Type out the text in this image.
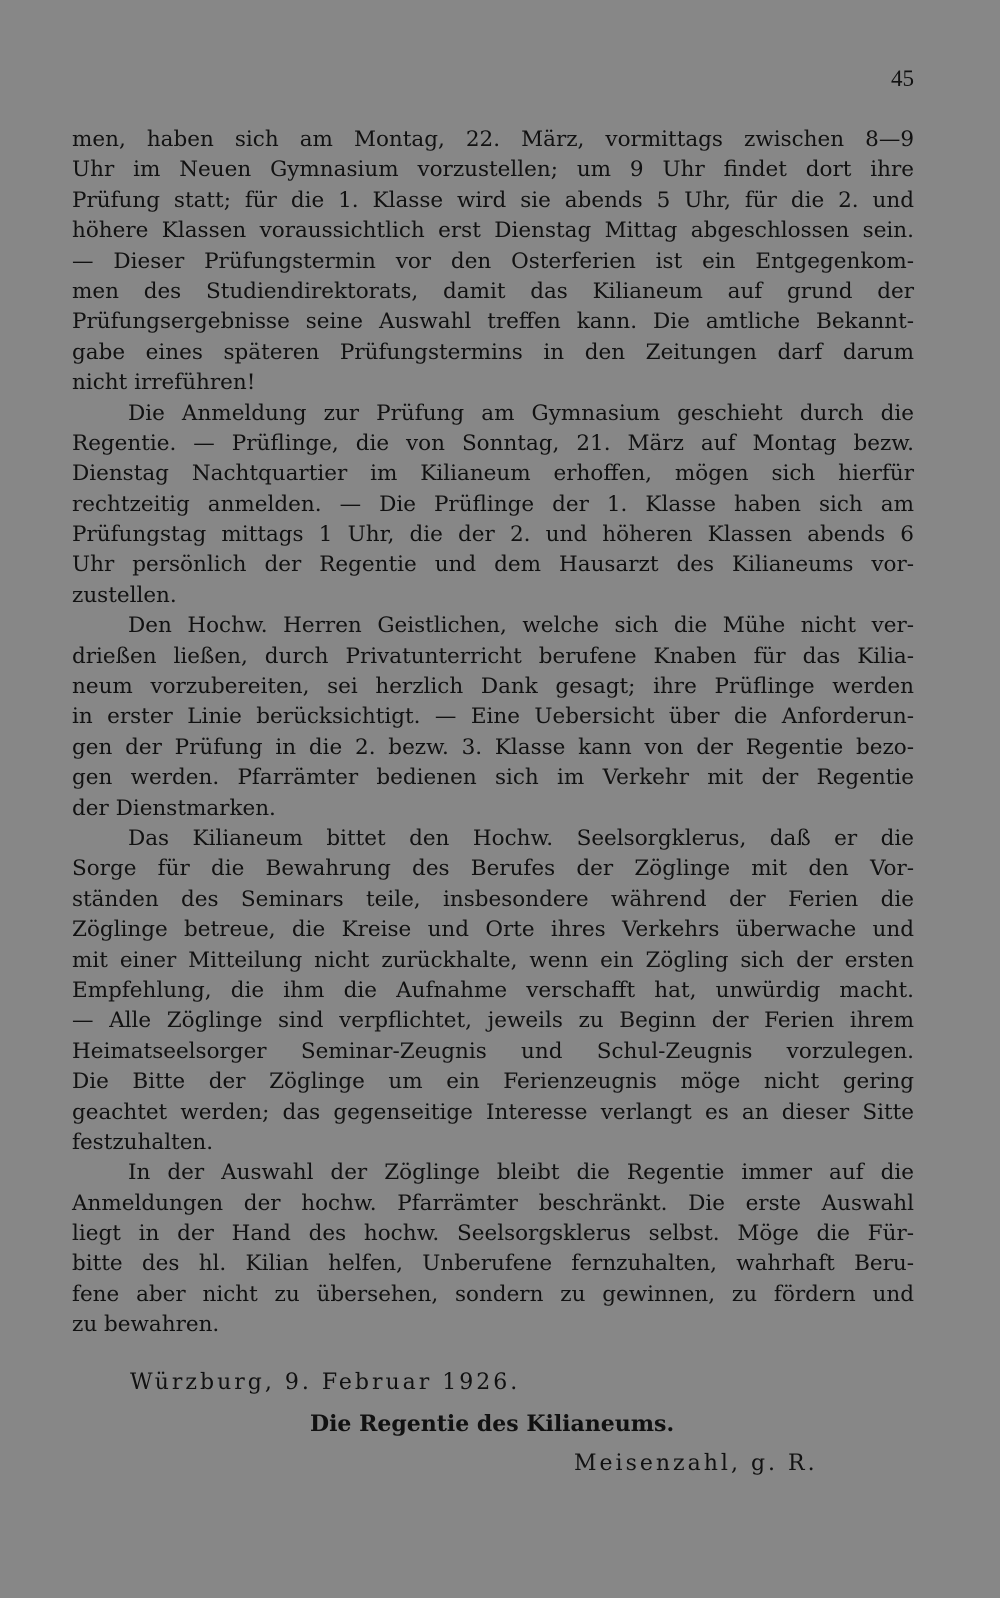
45
men, haben sich am Montag, 22. März, vormittags zwischen 8—9
Uhr im Neuen Gymnasium vorzustellen; um 9 Uhr findet dort ihre
Prüfung statt; für die 1. Klasse wird sie abends 5 Uhr, für die 2. und
höhere Klassen voraussichtlich erst Dienstag Mittag abgeschlossen sein.
— Dieser Prüfungstermin vor den Osterferien ist ein Entgegenkom-
men des Studiendirektorats, damit das Kilianeum auf grund der
Prüfungsergebnisse seine Auswahl treffen kann. Die amtliche Bekannt-
gabe eines späteren Prüfungstermins in den Zeitungen darf darum
nicht irreführen!
Die Anmeldung zur Prüfung am Gymnasium geschieht durch die
Regentie. — Prüflinge, die von Sonntag, 21. März auf Montag bezw.
Dienstag Nachtquartier im Kilianeum erhoffen, mögen sich hierfür
rechtzeitig anmelden. — Die Prüflinge der 1. Klasse haben sich am
Prüfungstag mittags 1 Uhr, die der 2. und höheren Klassen abends 6
Uhr persönlich der Regentie und dem Hausarzt des Kilianeums vor-
zustellen.
Den Hochw. Herren Geistlichen, welche sich die Mühe nicht ver-
drießen ließen, durch Privatunterricht berufene Knaben für das Kilia-
neum vorzubereiten, sei herzlich Dank gesagt; ihre Prüflinge werden
in erster Linie berücksichtigt. — Eine Uebersicht über die Anforderun-
gen der Prüfung in die 2. bezw. 3. Klasse kann von der Regentie bezo-
gen werden. Pfarrämter bedienen sich im Verkehr mit der Regentie
der Dienstmarken.
Das Kilianeum bittet den Hochw. Seelsorgklerus, daß er die
Sorge für die Bewahrung des Berufes der Zöglinge mit den Vor-
ständen des Seminars teile, insbesondere während der Ferien die
Zöglinge betreue, die Kreise und Orte ihres Verkehrs überwache und
mit einer Mitteilung nicht zurückhalte, wenn ein Zögling sich der ersten
Empfehlung, die ihm die Aufnahme verschafft hat, unwürdig macht.
— Alle Zöglinge sind verpflichtet, jeweils zu Beginn der Ferien ihrem
Heimatseelsorger Seminar-Zeugnis und Schul-Zeugnis vorzulegen.
Die Bitte der Zöglinge um ein Ferienzeugnis möge nicht gering
geachtet werden; das gegenseitige Interesse verlangt es an dieser Sitte
festzuhalten.
In der Auswahl der Zöglinge bleibt die Regentie immer auf die
Anmeldungen der hochw. Pfarrämter beschränkt. Die erste Auswahl
liegt in der Hand des hochw. Seelsorgsklerus selbst. Möge die Für-
bitte des hl. Kilian helfen, Unberufene fernzuhalten, wahrhaft Beru-
fene aber nicht zu übersehen, sondern zu gewinnen, zu fördern und
zu bewahren.
Würzburg, 9. Februar 1926.
Die Regentie des Kilianeums.
Meisenzahl, g. R.
